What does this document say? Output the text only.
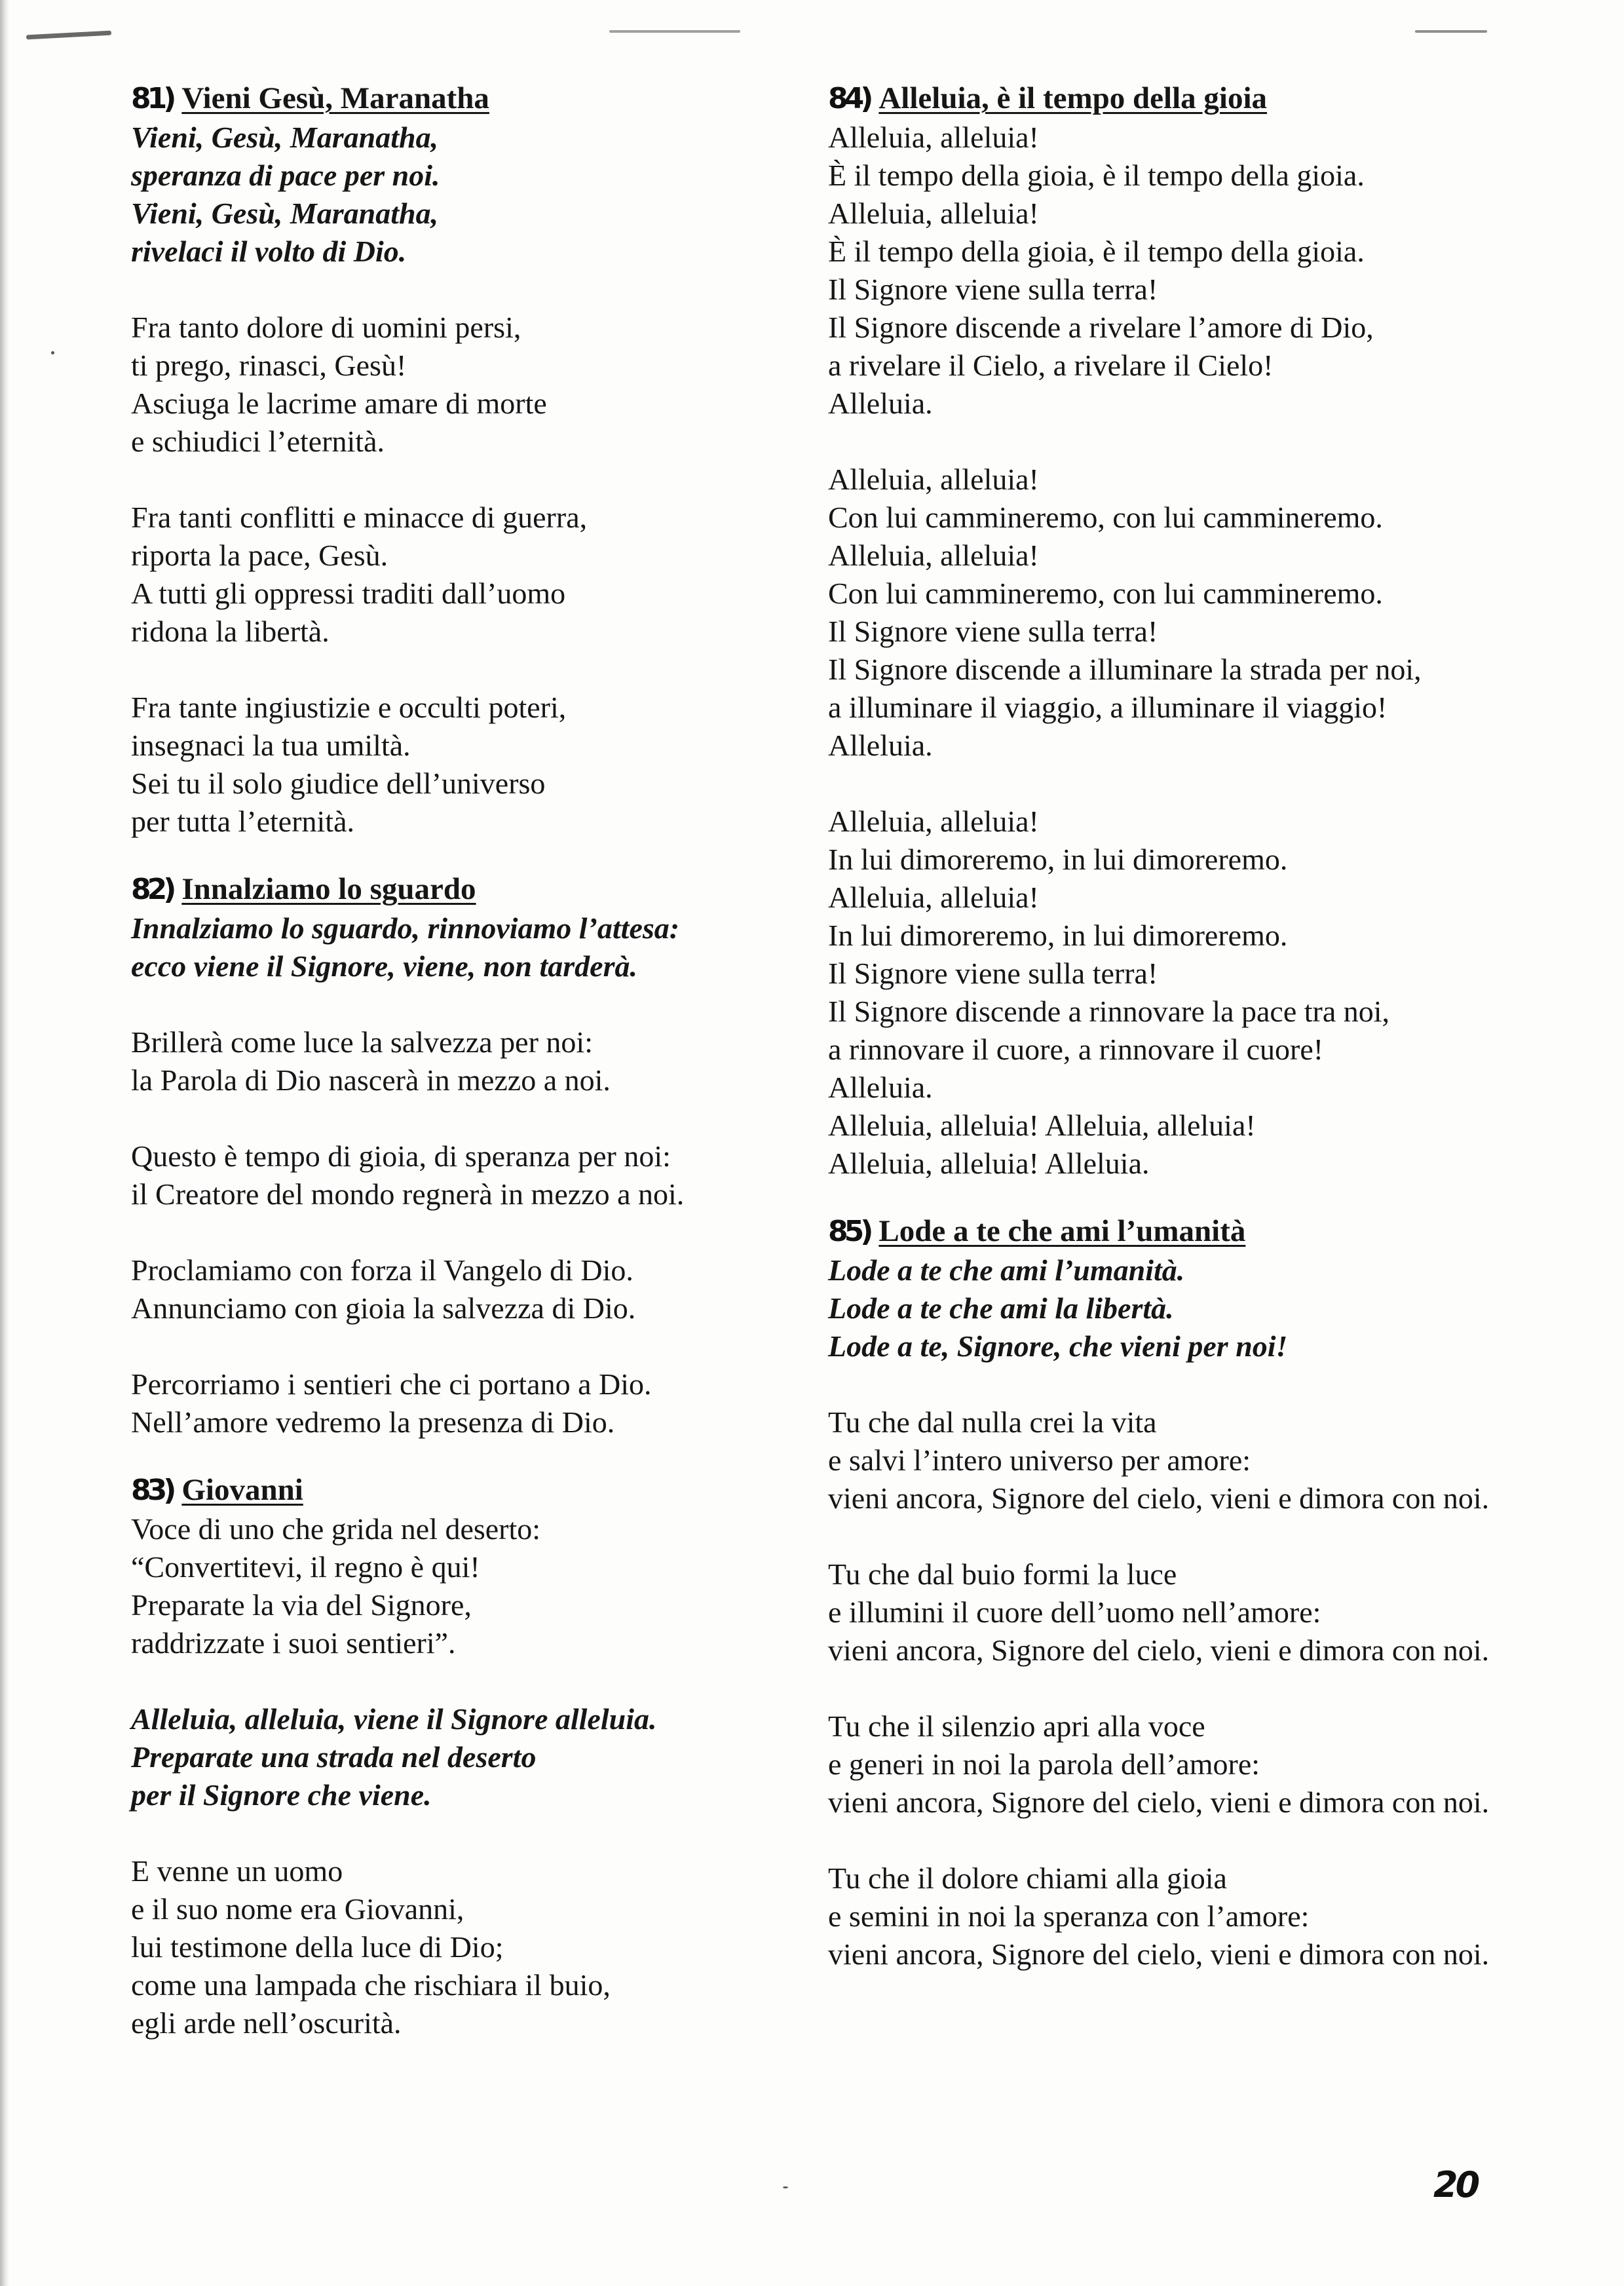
81) Vieni Gesù, Maranatha
Vieni, Gesù, Maranatha,
speranza di pace per noi.
Vieni, Gesù, Maranatha,
rivelaci il volto di Dio.
Fra tanto dolore di uomini persi,
ti prego, rinasci, Gesù!
Asciuga le lacrime amare di morte
e schiudici l’eternità.
Fra tanti conflitti e minacce di guerra,
riporta la pace, Gesù.
A tutti gli oppressi traditi dall’uomo
ridona la libertà.
Fra tante ingiustizie e occulti poteri,
insegnaci la tua umiltà.
Sei tu il solo giudice dell’universo
per tutta l’eternità.
82) Innalziamo lo sguardo
Innalziamo lo sguardo, rinnoviamo l’attesa:
ecco viene il Signore, viene, non tarderà.
Brillerà come luce la salvezza per noi:
la Parola di Dio nascerà in mezzo a noi.
Questo è tempo di gioia, di speranza per noi:
il Creatore del mondo regnerà in mezzo a noi.
Proclamiamo con forza il Vangelo di Dio.
Annunciamo con gioia la salvezza di Dio.
Percorriamo i sentieri che ci portano a Dio.
Nell’amore vedremo la presenza di Dio.
83) Giovanni
Voce di uno che grida nel deserto:
“Convertitevi, il regno è qui!
Preparate la via del Signore,
raddrizzate i suoi sentieri”.
Alleluia, alleluia, viene il Signore alleluia.
Preparate una strada nel deserto
per il Signore che viene.
E venne un uomo
e il suo nome era Giovanni,
lui testimone della luce di Dio;
come una lampada che rischiara il buio,
egli arde nell’oscurità.
84) Alleluia, è il tempo della gioia
Alleluia, alleluia!
È il tempo della gioia, è il tempo della gioia.
Alleluia, alleluia!
È il tempo della gioia, è il tempo della gioia.
Il Signore viene sulla terra!
Il Signore discende a rivelare l’amore di Dio,
a rivelare il Cielo, a rivelare il Cielo!
Alleluia.
Alleluia, alleluia!
Con lui cammineremo, con lui cammineremo.
Alleluia, alleluia!
Con lui cammineremo, con lui cammineremo.
Il Signore viene sulla terra!
Il Signore discende a illuminare la strada per noi,
a illuminare il viaggio, a illuminare il viaggio!
Alleluia.
Alleluia, alleluia!
In lui dimoreremo, in lui dimoreremo.
Alleluia, alleluia!
In lui dimoreremo, in lui dimoreremo.
Il Signore viene sulla terra!
Il Signore discende a rinnovare la pace tra noi,
a rinnovare il cuore, a rinnovare il cuore!
Alleluia.
Alleluia, alleluia! Alleluia, alleluia!
Alleluia, alleluia! Alleluia.
85) Lode a te che ami l’umanità
Lode a te che ami l’umanità.
Lode a te che ami la libertà.
Lode a te, Signore, che vieni per noi!
Tu che dal nulla crei la vita
e salvi l’intero universo per amore:
vieni ancora, Signore del cielo, vieni e dimora con noi.
Tu che dal buio formi la luce
e illumini il cuore dell’uomo nell’amore:
vieni ancora, Signore del cielo, vieni e dimora con noi.
Tu che il silenzio apri alla voce
e generi in noi la parola dell’amore:
vieni ancora, Signore del cielo, vieni e dimora con noi.
Tu che il dolore chiami alla gioia
e semini in noi la speranza con l’amore:
vieni ancora, Signore del cielo, vieni e dimora con noi.
20
